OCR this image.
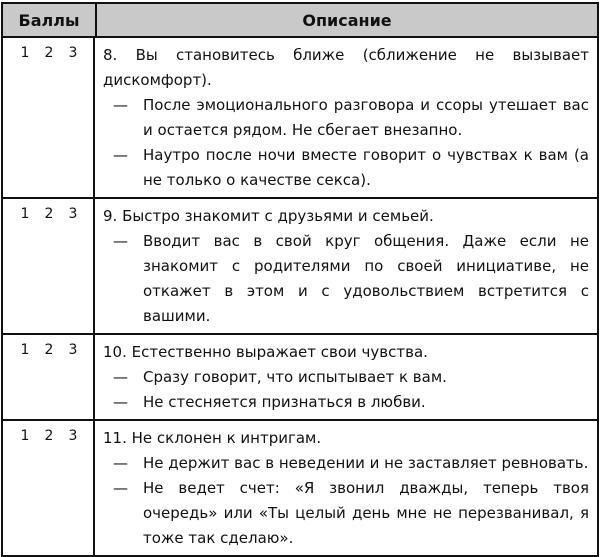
Баллы	Описание
1 2 3 8. Вы становитесь ближе (сближение не вызывает дискомфорт).
— После эмоционального разговора и ссоры утешает вас и остается рядом. Не сбегает внезапно.
— Наутро после ночи вместе говорит о чувствах к вам (а не только о качестве секса).
1 2 3 9. Быстро знакомит с друзьями и семьей.
— Вводит вас в свой круг общения. Даже если не знакомит с родителями по своей инициативе, не откажет в этом и с удовольствием встретится с вашими.
1 2 3 10. Естественно выражает свои чувства.
— Сразу говорит, что испытывает к вам.
— Не стесняется признаться в любви.
1 2 3 11. Не склонен к интригам.
— Не держит вас в неведении и не заставляет ревновать.
— Не ведет счет: «Я звонил дважды, теперь твоя очередь» или «Ты целый день мне не перезванивал, я тоже так сделаю».
